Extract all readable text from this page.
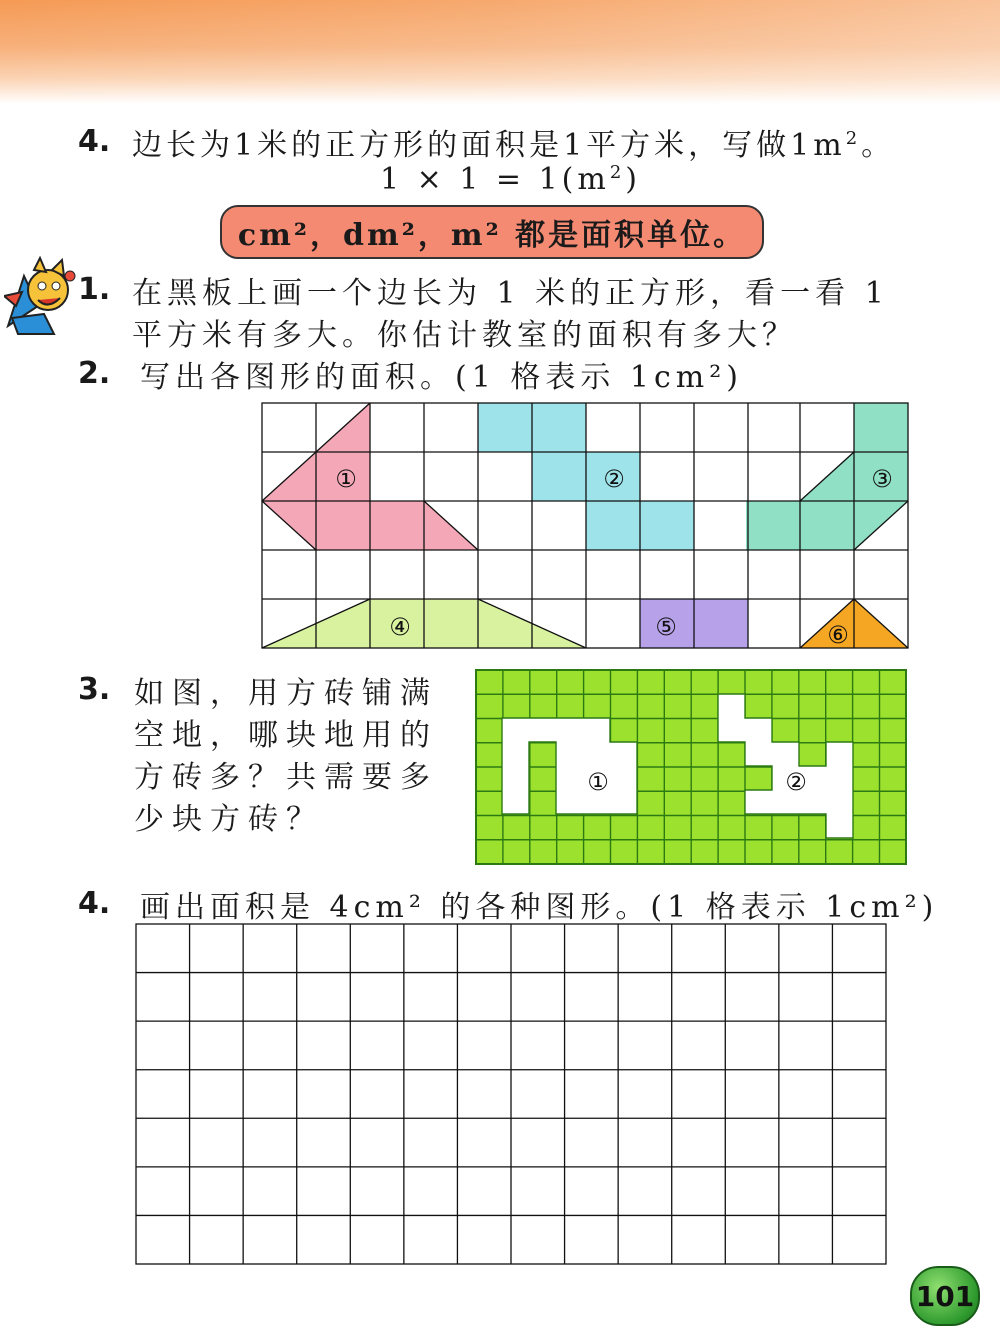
4. 边长为1米的正方形的面积是1平方米，写做$1m^2$。
$1 \times 1 = 1(m^2)$
cm²，dm²，m² 都是面积单位。
1. 在黑板上画一个边长为 1 米的正方形，看一看 1
平方米有多大。你估计教室的面积有多大？
2. 写出各图形的面积。(1 格表示 1cm²)
①	②	③
④	⑤	⑥
3. 如图，用方砖铺满
空地，哪块地用的
方砖多？共需要多
少块方砖？
①	②
4. 画出面积是 4cm² 的各种图形。(1 格表示 1cm²)
101
